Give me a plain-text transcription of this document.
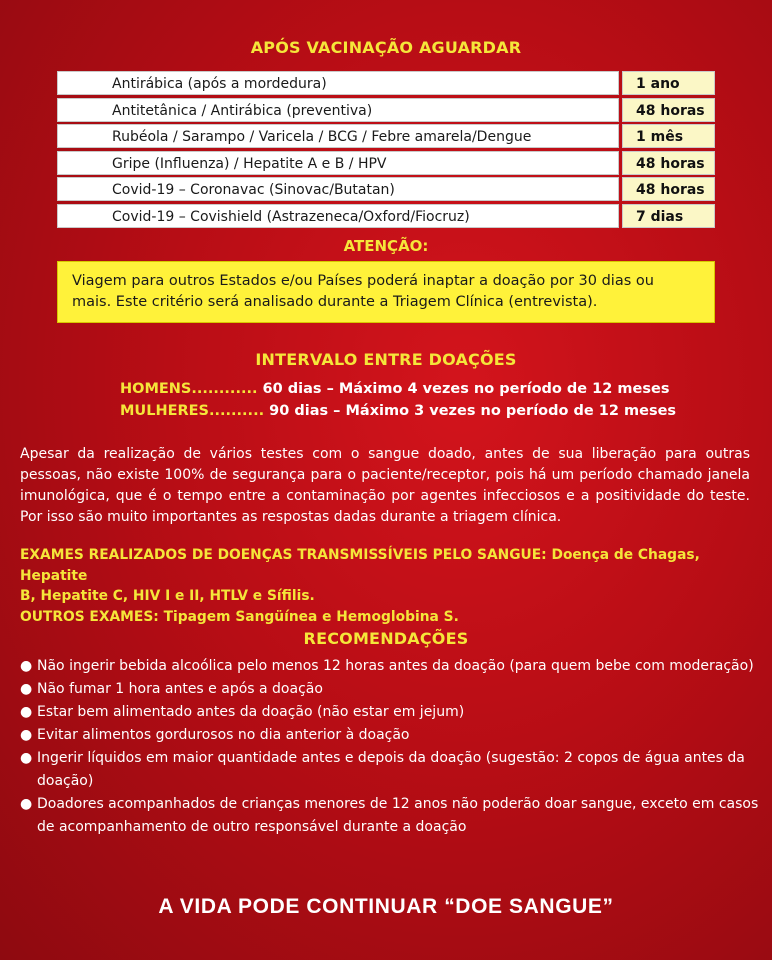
APÓS VACINAÇÃO AGUARDAR
Antirábica (após a mordedura)	1 ano
Antitetânica / Antirábica (preventiva)	48 horas
Rubéola / Sarampo / Varicela / BCG / Febre amarela/Dengue	1 mês
Gripe (Influenza) / Hepatite A e B / HPV	48 horas
Covid-19 – Coronavac (Sinovac/Butatan)	48 horas
Covid-19 – Covishield (Astrazeneca/Oxford/Fiocruz)	7 dias
ATENÇÃO:
Viagem para outros Estados e/ou Países poderá inaptar a doação por 30 dias ou
mais. Este critério será analisado durante a Triagem Clínica (entrevista).
INTERVALO ENTRE DOAÇÕES
HOMENS............ 60 dias – Máximo 4 vezes no período de 12 meses
MULHERES.......... 90 dias – Máximo 3 vezes no período de 12 meses
Apesar da realização de vários testes com o sangue doado, antes de sua liberação para outras pessoas, não existe 100% de segurança para o paciente/receptor, pois há um período chamado janela imunológica, que é o tempo entre a contaminação por agentes infecciosos e a positividade do teste. Por isso são muito importantes as respostas dadas durante a triagem clínica.
EXAMES REALIZADOS DE DOENÇAS TRANSMISSÍVEIS PELO SANGUE: Doença de Chagas, Hepatite
B, Hepatite C, HIV I e II, HTLV e Sífilis.
OUTROS EXAMES: Tipagem Sangüínea e Hemoglobina S.
RECOMENDAÇÕES
● Não ingerir bebida alcoólica pelo menos 12 horas antes da doação (para quem bebe com moderação)
● Não fumar 1 hora antes e após a doação
● Estar bem alimentado antes da doação (não estar em jejum)
● Evitar alimentos gordurosos no dia anterior à doação
● Ingerir líquidos em maior quantidade antes e depois da doação (sugestão: 2 copos de água antes da doação)
● Doadores acompanhados de crianças menores de 12 anos não poderão doar sangue, exceto em casos de acompanhamento de outro responsável durante a doação
A VIDA PODE CONTINUAR “DOE SANGUE”
